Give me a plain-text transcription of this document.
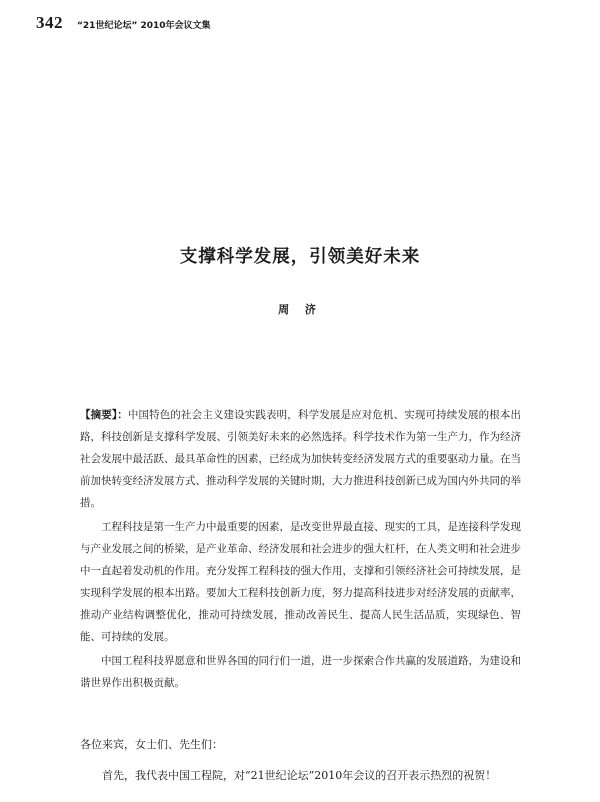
342 “21世纪论坛” 2010年会议文集
支撑科学发展，引领美好未来
周 济

【摘要】：中国特色的社会主义建设实践表明，科学发展是应对危机、实现可持续发展的根本出路，科技创新是支撑科学发展、引领美好未来的必然选择。科学技术作为第一生产力，作为经济社会发展中最活跃、最具革命性的因素，已经成为加快转变经济发展方式的重要驱动力量。在当前加快转变经济发展方式、推动科学发展的关键时期，大力推进科技创新已成为国内外共同的举措。

工程科技是第一生产力中最重要的因素，是改变世界最直接、现实的工具，是连接科学发现与产业发展之间的桥梁，是产业革命、经济发展和社会进步的强大杠杆，在人类文明和社会进步中一直起着发动机的作用。充分发挥工程科技的强大作用，支撑和引领经济社会可持续发展，是实现科学发展的根本出路。要加大工程科技创新力度，努力提高科技进步对经济发展的贡献率，推动产业结构调整优化，推动可持续发展，推动改善民生、提高人民生活品质，实现绿色、智能、可持续的发展。

中国工程科技界愿意和世界各国的同行们一道，进一步探索合作共赢的发展道路，为建设和谐世界作出积极贡献。

各位来宾，女士们、先生们：

首先，我代表中国工程院，对“21世纪论坛”2010年会议的召开表示热烈的祝贺！
